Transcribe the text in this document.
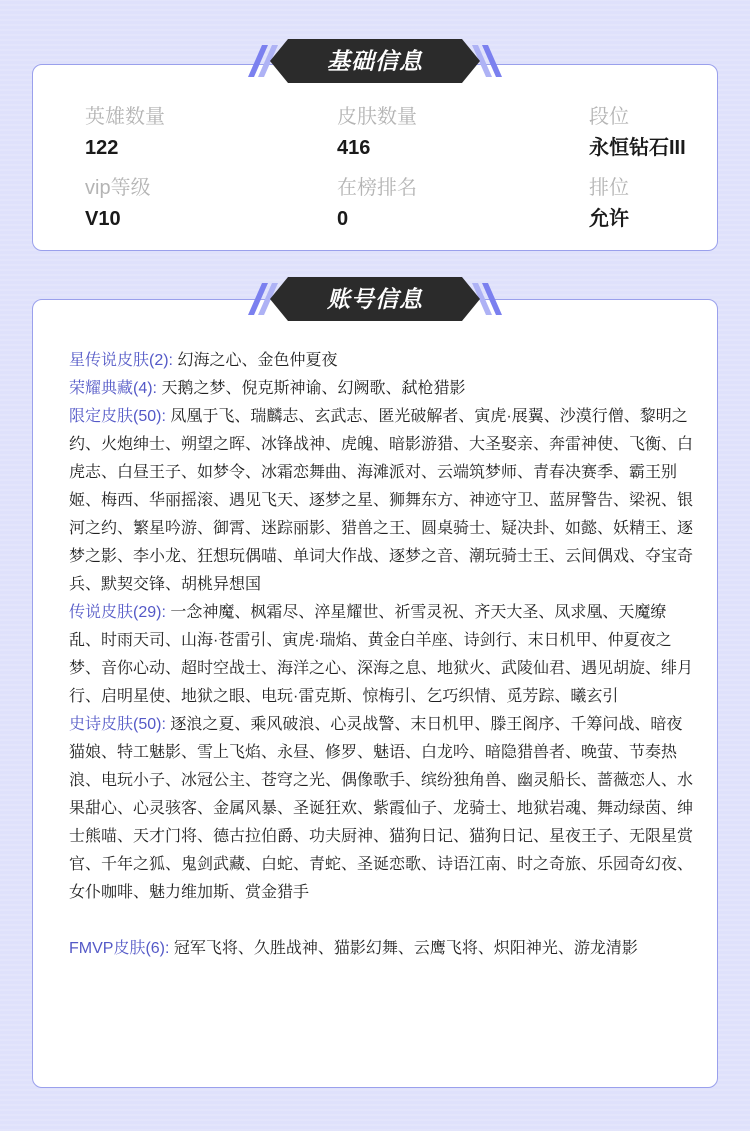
英雄数量
122
皮肤数量
416
段位
永恒钻石III
vip等级
V10
在榜排名
0
排位
允许
基础信息

星传说皮肤(2): 幻海之心、金色仲夏夜

荣耀典藏(4): 天鹅之梦、倪克斯神谕、幻阙歌、弑枪猎影

限定皮肤(50): 凤凰于飞、瑞麟志、玄武志、匿光破解者、寅虎·展翼、沙漠行僧、黎明之约、火炮绅士、朔望之晖、冰锋战神、虎魄、暗影游猎、大圣娶亲、奔雷神使、飞衡、白虎志、白昼王子、如梦令、冰霜恋舞曲、海滩派对、云端筑梦师、青春决赛季、霸王别姬、梅西、华丽摇滚、遇见飞天、逐梦之星、狮舞东方、神迹守卫、蓝屏警告、梁祝、银河之约、繁星吟游、御霄、迷踪丽影、猎兽之王、圆桌骑士、疑决卦、如懿、妖精王、逐梦之影、李小龙、狂想玩偶喵、单词大作战、逐梦之音、潮玩骑士王、云间偶戏、夺宝奇兵、默契交锋、胡桃异想国

传说皮肤(29): 一念神魔、枫霜尽、淬星耀世、祈雪灵祝、齐天大圣、凤求凰、天魔缭乱、时雨天司、山海·苍雷引、寅虎·瑞焰、黄金白羊座、诗剑行、末日机甲、仲夏夜之梦、音你心动、超时空战士、海洋之心、深海之息、地狱火、武陵仙君、遇见胡旋、绯月行、启明星使、地狱之眼、电玩·雷克斯、惊梅引、乞巧织情、觅芳踪、曦玄引

史诗皮肤(50): 逐浪之夏、乘风破浪、心灵战警、末日机甲、滕王阁序、千筹问战、暗夜猫娘、特工魅影、雪上飞焰、永昼、修罗、魅语、白龙吟、暗隐猎兽者、晚萤、节奏热浪、电玩小子、冰冠公主、苍穹之光、偶像歌手、缤纷独角兽、幽灵船长、蔷薇恋人、水果甜心、心灵骇客、金属风暴、圣诞狂欢、紫霞仙子、龙骑士、地狱岩魂、舞动绿茵、绅士熊喵、天才门将、德古拉伯爵、功夫厨神、猫狗日记、猫狗日记、星夜王子、无限星赏官、千年之狐、鬼剑武藏、白蛇、青蛇、圣诞恋歌、诗语江南、时之奇旅、乐园奇幻夜、女仆咖啡、魅力维加斯、赏金猎手

FMVP皮肤(6): 冠军飞将、久胜战神、猫影幻舞、云鹰飞将、炽阳神光、游龙清影

账号信息
